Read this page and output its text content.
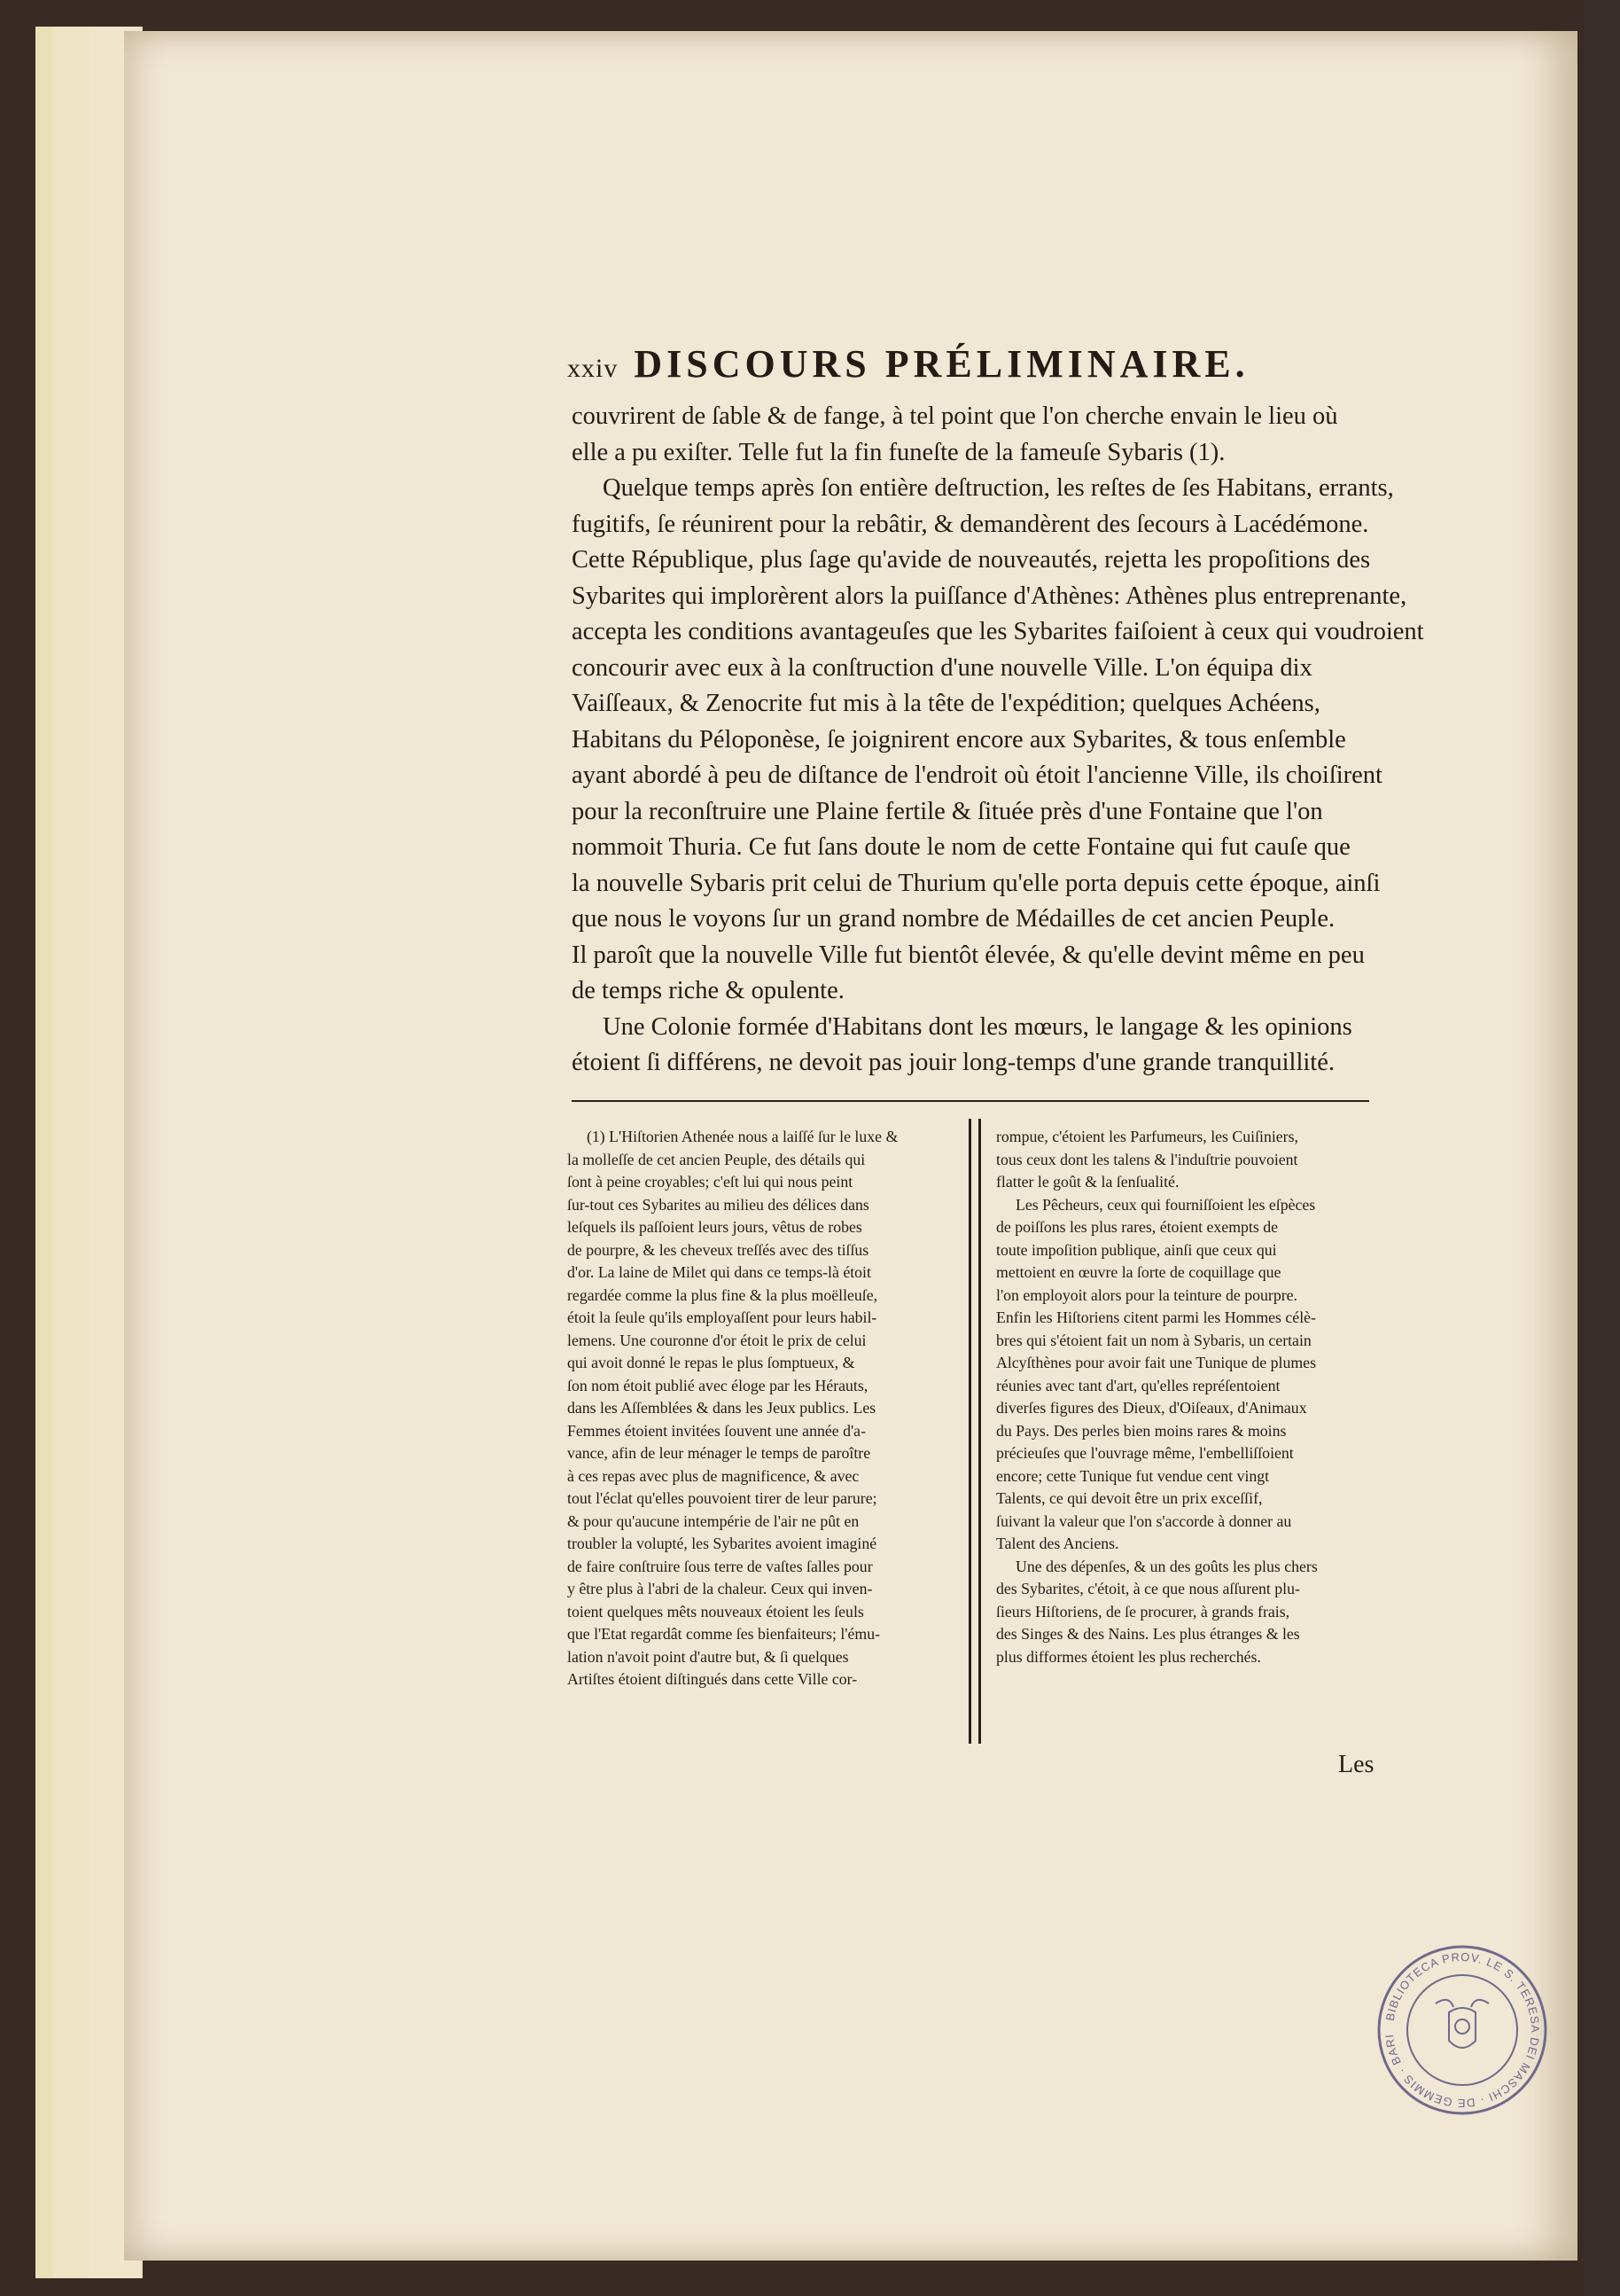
xxiv DISCOURS PRÉLIMINAIRE.
couvrirent de ſable & de fange, à tel point que l'on cherche envain le lieu où
elle a pu exiſter. Telle fut la fin funeſte de la fameuſe Sybaris (1).
Quelque temps après ſon entière deſtruction, les reſtes de ſes Habitans, errants,
fugitifs, ſe réunirent pour la rebâtir, & demandèrent des ſecours à Lacédémone.
Cette République, plus ſage qu'avide de nouveautés, rejetta les propoſitions des
Sybarites qui implorèrent alors la puiſſance d'Athènes: Athènes plus entreprenante,
accepta les conditions avantageuſes que les Sybarites faiſoient à ceux qui voudroient
concourir avec eux à la conſtruction d'une nouvelle Ville. L'on équipa dix
Vaiſſeaux, & Zenocrite fut mis à la tête de l'expédition; quelques Achéens,
Habitans du Péloponèse, ſe joignirent encore aux Sybarites, & tous enſemble
ayant abordé à peu de diſtance de l'endroit où étoit l'ancienne Ville, ils choiſirent
pour la reconſtruire une Plaine fertile & ſituée près d'une Fontaine que l'on
nommoit Thuria. Ce fut ſans doute le nom de cette Fontaine qui fut cauſe que
la nouvelle Sybaris prit celui de Thurium qu'elle porta depuis cette époque, ainſi
que nous le voyons ſur un grand nombre de Médailles de cet ancien Peuple.
Il paroît que la nouvelle Ville fut bientôt élevée, & qu'elle devint même en peu
de temps riche & opulente.
Une Colonie formée d'Habitans dont les mœurs, le langage & les opinions
étoient ſi différens, ne devoit pas jouir long-temps d'une grande tranquillité.
(1) L'Hiſtorien Athenée nous a laiſſé ſur le luxe &
la molleſſe de cet ancien Peuple, des détails qui
ſont à peine croyables; c'eſt lui qui nous peint
ſur-tout ces Sybarites au milieu des délices dans
leſquels ils paſſoient leurs jours, vêtus de robes
de pourpre, & les cheveux treſſés avec des tiſſus
d'or. La laine de Milet qui dans ce temps-là étoit
regardée comme la plus fine & la plus moëlleuſe,
étoit la ſeule qu'ils employaſſent pour leurs habil-
lemens. Une couronne d'or étoit le prix de celui
qui avoit donné le repas le plus ſomptueux, &
ſon nom étoit publié avec éloge par les Hérauts,
dans les Aſſemblées & dans les Jeux publics. Les
Femmes étoient invitées ſouvent une année d'a-
vance, afin de leur ménager le temps de paroître
à ces repas avec plus de magnificence, & avec
tout l'éclat qu'elles pouvoient tirer de leur parure;
& pour qu'aucune intempérie de l'air ne pût en
troubler la volupté, les Sybarites avoient imaginé
de faire conſtruire ſous terre de vaſtes ſalles pour
y être plus à l'abri de la chaleur. Ceux qui inven-
toient quelques mêts nouveaux étoient les ſeuls
que l'Etat regardât comme ſes bienfaiteurs; l'ému-
lation n'avoit point d'autre but, & ſi quelques
Artiſtes étoient diſtingués dans cette Ville cor-
rompue, c'étoient les Parfumeurs, les Cuiſiniers,
tous ceux dont les talens & l'induſtrie pouvoient
flatter le goût & la ſenſualité.
Les Pêcheurs, ceux qui fourniſſoient les eſpèces
de poiſſons les plus rares, étoient exempts de
toute impoſition publique, ainſi que ceux qui
mettoient en œuvre la ſorte de coquillage que
l'on employoit alors pour la teinture de pourpre.
Enfin les Hiſtoriens citent parmi les Hommes célè-
bres qui s'étoient fait un nom à Sybaris, un certain
Alcyſthènes pour avoir fait une Tunique de plumes
réunies avec tant d'art, qu'elles repréſentoient
diverſes figures des Dieux, d'Oiſeaux, d'Animaux
du Pays. Des perles bien moins rares & moins
précieuſes que l'ouvrage même, l'embelliſſoient
encore; cette Tunique fut vendue cent vingt
Talents, ce qui devoit être un prix exceſſif,
ſuivant la valeur que l'on s'accorde à donner au
Talent des Anciens.
Une des dépenſes, & un des goûts les plus chers
des Sybarites, c'étoit, à ce que nous aſſurent plu-
ſieurs Hiſtoriens, de ſe procurer, à grands frais,
des Singes & des Nains. Les plus étranges & les
plus difformes étoient les plus recherchés.
Les
BIBLIOTECA PROV. LE S. TERESA DEI MASCHI · DE GEMMIS · BARI
